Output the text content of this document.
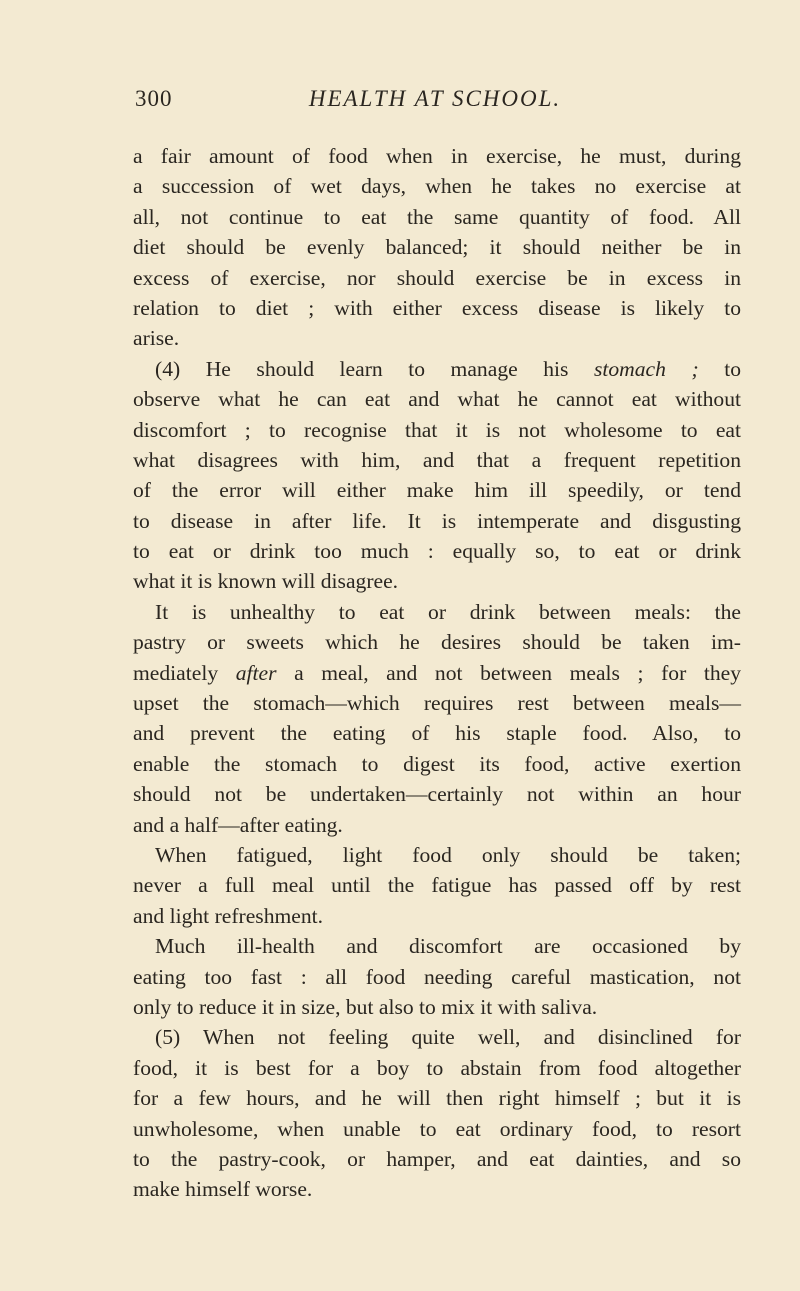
300	HEALTH AT SCHOOL.
a fair amount of food when in exercise, he must, during
a succession of wet days, when he takes no exercise at
all, not continue to eat the same quantity of food. All
diet should be evenly balanced; it should neither be in
excess of exercise, nor should exercise be in excess in
relation to diet ; with either excess disease is likely to
arise.
(4) He should learn to manage his stomach ; to
observe what he can eat and what he cannot eat without
discomfort ; to recognise that it is not wholesome to eat
what disagrees with him, and that a frequent repetition
of the error will either make him ill speedily, or tend
to disease in after life. It is intemperate and disgusting
to eat or drink too much : equally so, to eat or drink
what it is known will disagree.
It is unhealthy to eat or drink between meals: the
pastry or sweets which he desires should be taken im-
mediately after a meal, and not between meals ; for they
upset the stomach—which requires rest between meals—
and prevent the eating of his staple food. Also, to
enable the stomach to digest its food, active exertion
should not be undertaken—certainly not within an hour
and a half—after eating.
When fatigued, light food only should be taken;
never a full meal until the fatigue has passed off by rest
and light refreshment.
Much ill-health and discomfort are occasioned by
eating too fast : all food needing careful mastication, not
only to reduce it in size, but also to mix it with saliva.
(5) When not feeling quite well, and disinclined for
food, it is best for a boy to abstain from food altogether
for a few hours, and he will then right himself ; but it is
unwholesome, when unable to eat ordinary food, to resort
to the pastry-cook, or hamper, and eat dainties, and so
make himself worse.
